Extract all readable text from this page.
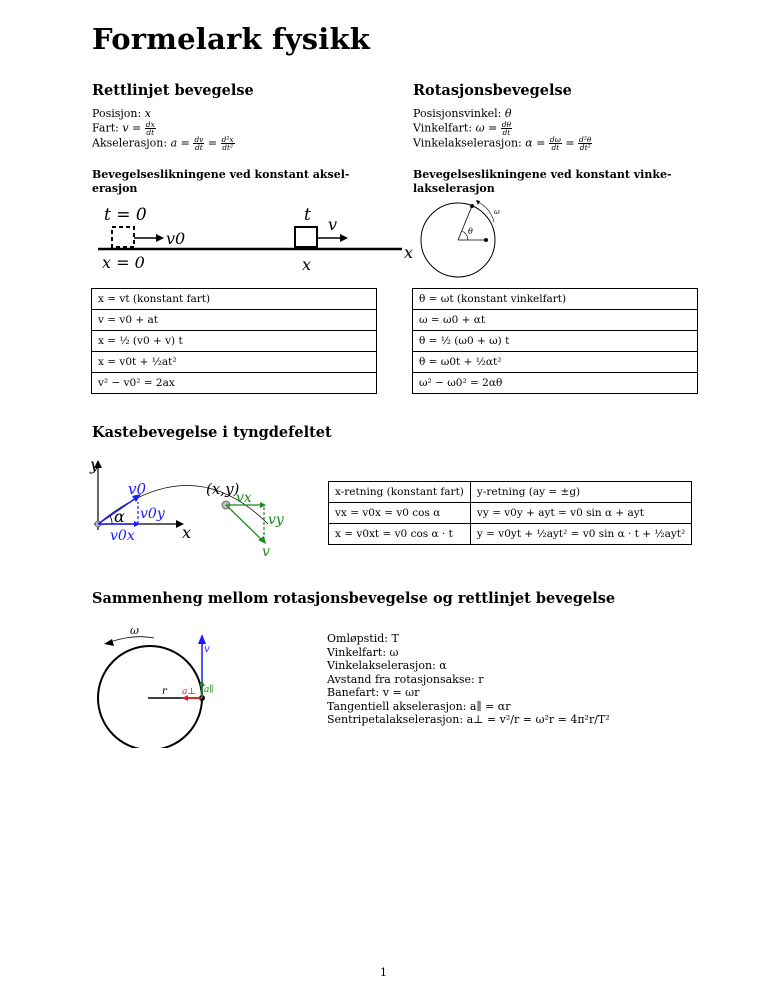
Formelark fysikk
Rettlinjet bevegelse
Posisjon: x
Fart: $v = \frac{dx}{dt}$
Akselerasjon: $a = \frac{dv}{dt} = \frac{\text{d²x}}{\text{dt²}}$
Bevegelseslikningene ved konstant aksel-erasjon
Rotasjonsbevegelse
Posisjonsvinkel: θ
Vinkelfart: $\omega = \frac{d\theta}{dt}$
Vinkelakselerasjon: $\alpha = \frac{d\omega}{dt} = \frac{\text{d²θ}}{\text{dt²}}$
Bevegelseslikningene ved konstant vinke-lakselerasjon
t = 0
v0
x = 0
t v
x
x
θ
ω
x = vt (konstant fart)
v = v0 + at
x = ½ (v0 + v) t
x = v0t + ½at²
v² − v0² = 2ax
θ = ωt (konstant vinkelfart)
ω = ω0 + αt
θ = ½ (ω0 + ω) t
θ = ω0t + ½αt²
ω² − ω0² = 2αθ
Kastebevegelse i tyngdefeltet
y
x
α
v0
v0y
v0x
(x,y)
vx
vy
v
x-retning (konstant fart)	y-retning (ay = ±g)
vx = v0x = v0 cos α	vy = v0y + ayt = v0 sin α + ayt
x = v0xt = v0 cos α · t	y = v0yt + ½ayt² = v0 sin α · t + ½ayt²
Sammenheng mellom rotasjonsbevegelse og rettlinjet bevegelse
v
a∥
a⊥
r
ω
Omløpstid: T
Vinkelfart: ω
Vinkelakselerasjon: α
Avstand fra rotasjonsakse: r
Banefart: v = ωr
Tangentiell akselerasjon: a∥ = αr
Sentripetalakselerasjon: a⊥ = v²/r = ω²r = 4π²r/T²
1
